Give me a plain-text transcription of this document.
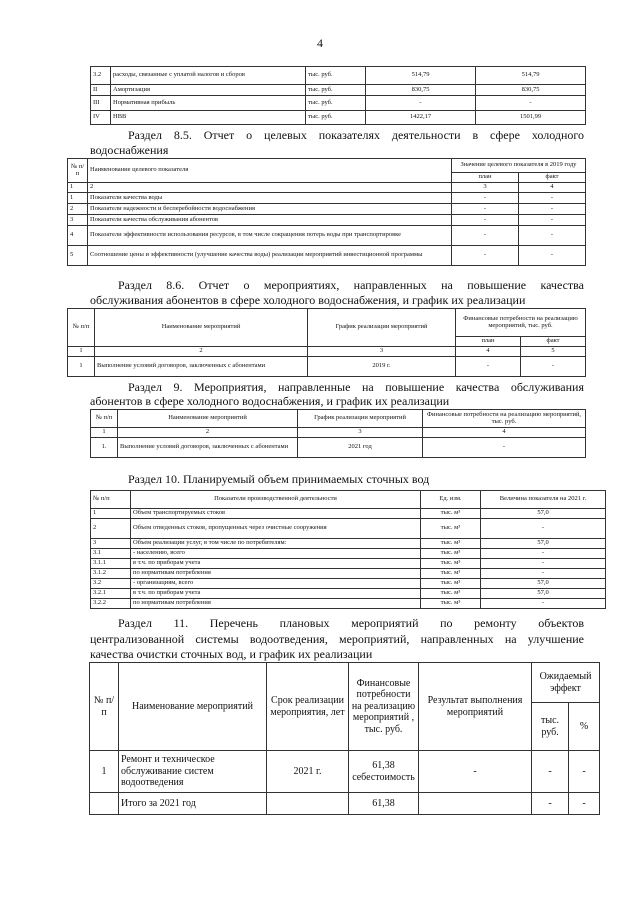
4
3.2	расходы, связанные с уплатой налогов и сборов	тыс. руб.	514,79	514,79
II	Амортизация	тыс. руб.	830,75	830,75
III	Нормативная прибыль	тыс. руб.	-	-
IV	НВВ	тыс. руб.	1422,17	1501,99

Раздел 8.5. Отчет о целевых показателях деятельности в сфере холодного

водоснабжения

№ п/п	Наименование целевого показателя	Значение целевого показателя в 2019 году	
		план	факт
1	2	3	4
1	Показатели качества воды	-	-
2	Показатели надежности и бесперебойности водоснабжения	-	-
3	Показатели качества обслуживания абонентов	-	-
4	Показатели эффективности использования ресурсов, в том числе сокращения потерь воды при транспортировке	-	-
5	Соотношение цены и эффективности (улучшение качества воды) реализации мероприятий инвестиционной программы	-	-

Раздел 8.6. Отчет о мероприятиях, направленных на повышение качества

обслуживания абонентов в сфере холодного водоснабжения, и график их реализации

№ п/п	Наименование мероприятий	График реализации мероприятий	Финансовые потребности на реализацию мероприятий, тыс. руб.	
			план	факт
1	2	3	4	5
1	Выполнение условий договоров, заключенных с абонентами	2019 г.	-	-

Раздел 9. Мероприятия, направленные на повышение качества обслуживания

абонентов в сфере холодного водоснабжения, и график их реализации

№ п/п	Наименование мероприятий	График реализации мероприятий	Финансовые потребности на реализацию мероприятий, тыс. руб.
1	2	3	4
1.	Выполнение условий договоров, заключенных с абонентами	2021 год	-

Раздел 10. Планируемый объем принимаемых сточных вод

№ п/п	Показатели производственной деятельности	Ед. изм.	Величина показателя на 2021 г.
1	Объем транспортируемых стоков	тыс. м³	57,0
2	Объем отведенных стоков, пропущенных через очистные сооружения	тыс. м³	-
3	Объем реализации услуг, в том числе по потребителям:	тыс. м³	57,0
3.1	- населению, всего	тыс. м³	-
3.1.1	в т.ч. по приборам учета	тыс. м³	-
3.1.2	по нормативам потребления	тыс. м³	-
3.2	- организациям, всего	тыс. м³	57,0
3.2.1	в т.ч. по приборам учета	тыс. м³	57,0
3.2.2	по нормативам потребления	тыс. м³	-

Раздел 11. Перечень плановых мероприятий по ремонту объектов

централизованной системы водоотведения, мероприятий, направленных на улучшение

качества очистки сточных вод, и график их реализации

№ п/п	Наименование мероприятий	Срок реализации мероприятия, лет	Финансовые потребности на реализацию мероприятий , тыс. руб.	Результат выполнения мероприятий	Ожидаемый эффект	
					тыс. руб.	%
1	Ремонт и техническое обслуживание систем водоотведения	2021 г.	61,38 себестоимость	-	-	-
	Итого за 2021 год		61,38		-	-
